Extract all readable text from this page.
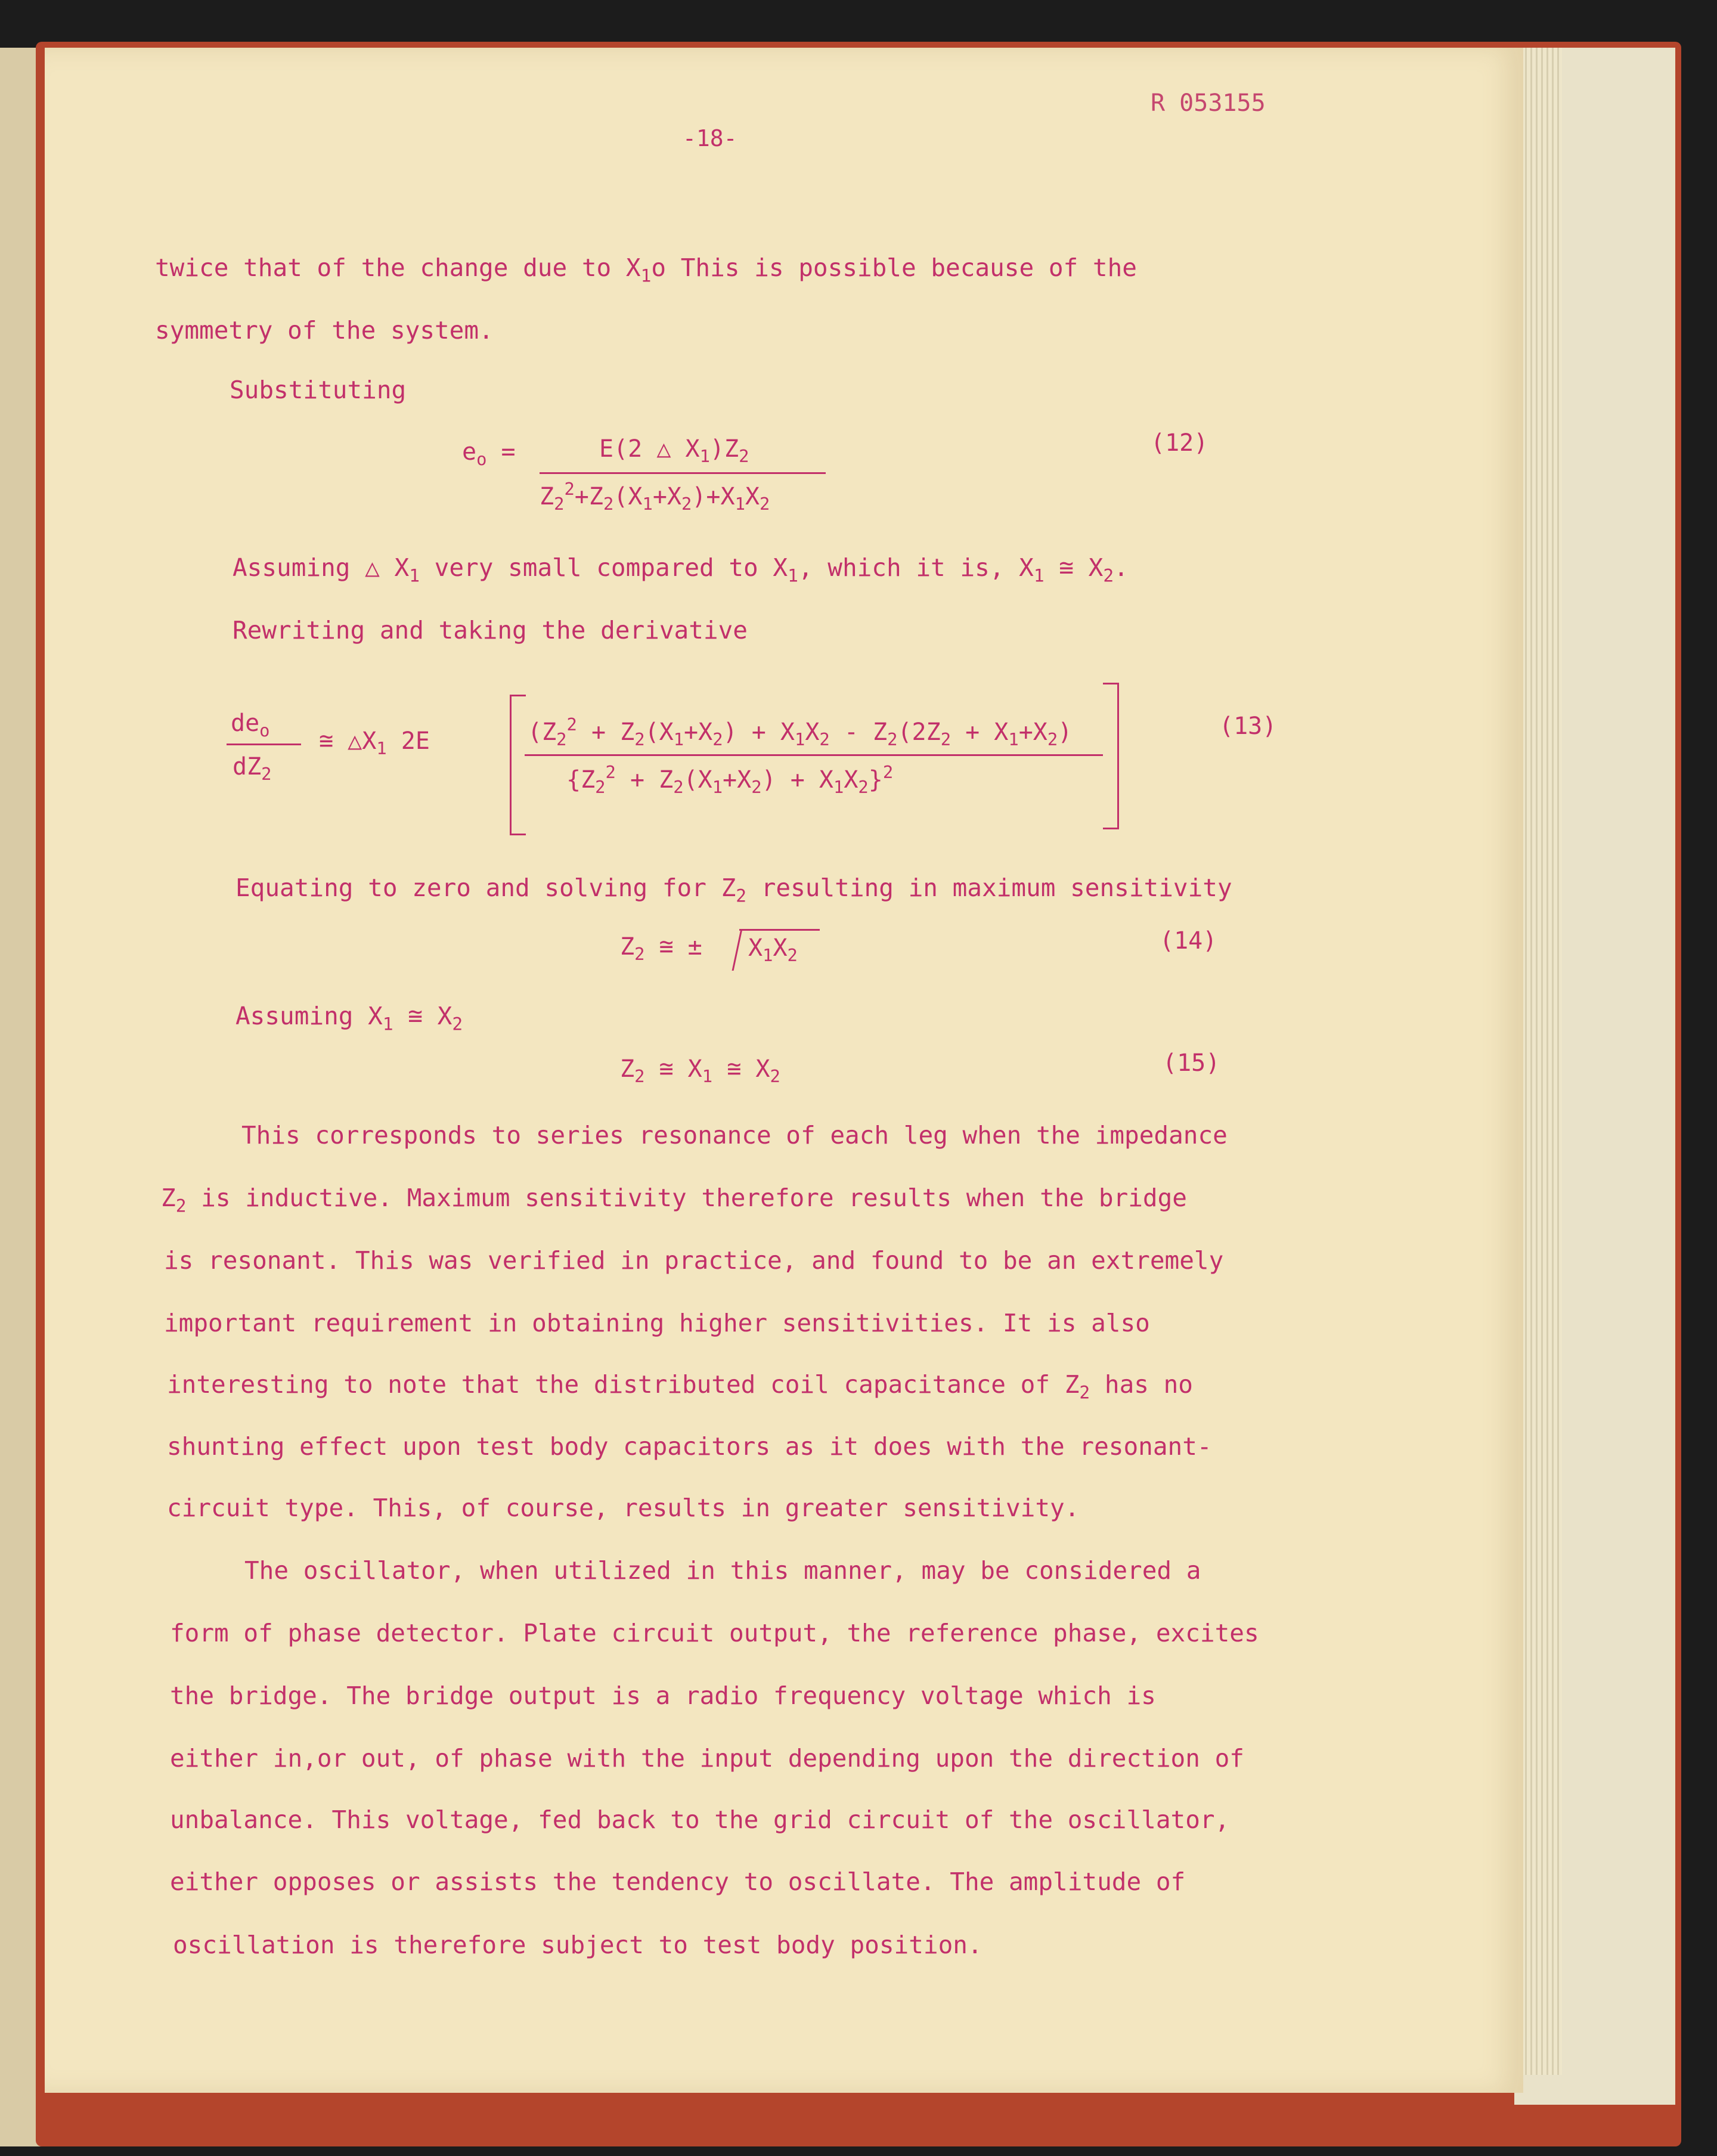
-18-
R 053155
twice that of the change due to $X_1o$ This is possible because of the
symmetry of the system.
Substituting
$e_o$ =	E(2 △ $X_1)Z_2$
$Z_2^2+Z_2(X_1+X_2)+X_1X_2$
(12)
Assuming △ $X_1$ very small compared to $X_1$, which it is, $X_1$ ≅ $X_2$.
Rewriting and taking the derivative
$de_o$
$dZ_2$
≅ $\triangle X_1$ 2E	($Z_2^2 + Z_2(X_1+X_2) + X_1X_2 - Z_2(2Z_2 + X_1+X_2)$
$\{Z_2^2 + Z_2(X_1+X_2) + X_1X_2\}^2$
(13)
Equating to zero and solving for $Z_2$ resulting in maximum sensitivity
$Z_2$ ≅ ± $X_1X_2$
(14)
Assuming $X_1$ ≅ $X_2$
$Z_2$ ≅ $X_1$ ≅ $X_2$	(15)
This corresponds to series resonance of each leg when the impedance
$Z_2$ is inductive. Maximum sensitivity therefore results when the bridge
is resonant. This was verified in practice, and found to be an extremely
important requirement in obtaining higher sensitivities. It is also
interesting to note that the distributed coil capacitance of $Z_2$ has no
shunting effect upon test body capacitors as it does with the resonant-
circuit type. This, of course, results in greater sensitivity.
The oscillator, when utilized in this manner, may be considered a
form of phase detector. Plate circuit output, the reference phase, excites
the bridge. The bridge output is a radio frequency voltage which is
either in,or out, of phase with the input depending upon the direction of
unbalance. This voltage, fed back to the grid circuit of the oscillator,
either opposes or assists the tendency to oscillate. The amplitude of
oscillation is therefore subject to test body position.
